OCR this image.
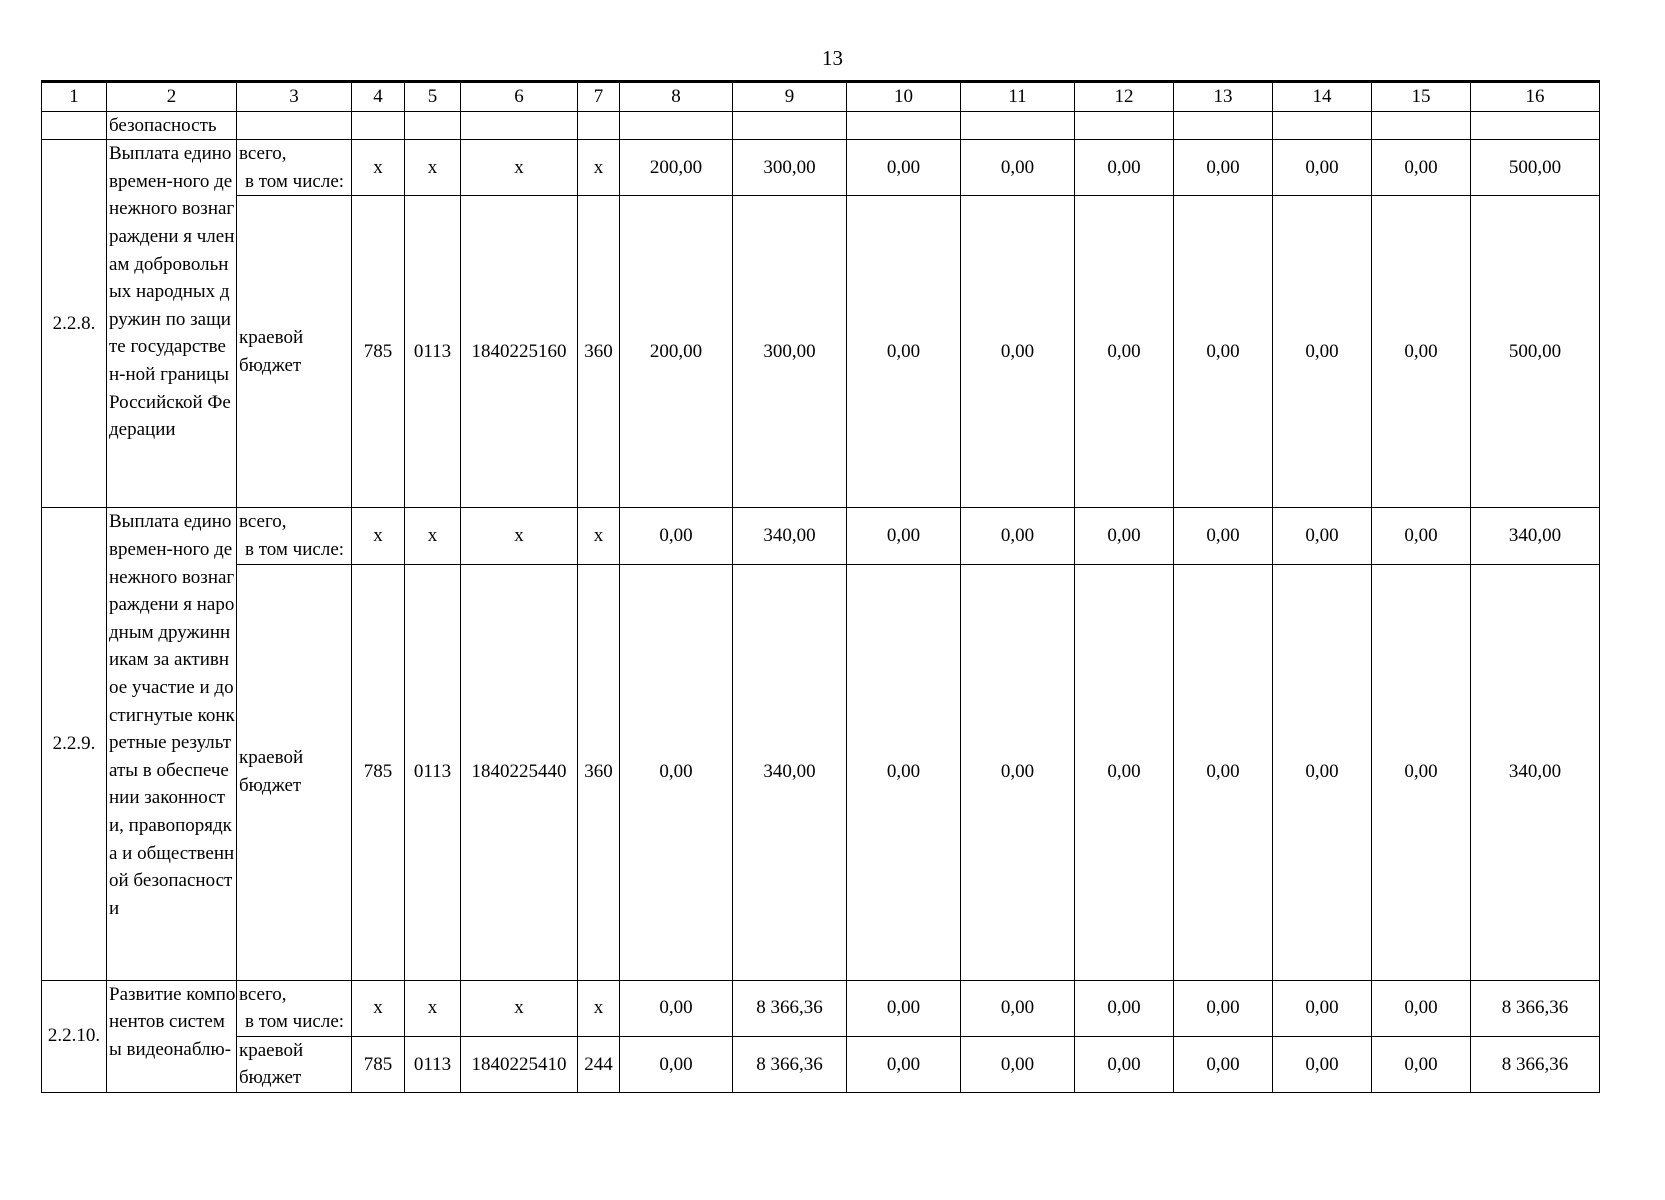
13
1	2	3	4	5	6	7	8	9	10	11	12	13	14	15	16
	безопасность														
2.2.8.	Выплата единовремен-ного денежного вознаграждени я членам добровольных народных дружин по защите государствен-ной границы Российской Федерации	всего,
в том числе:	x	x	x	x	200,00	300,00	0,00	0,00	0,00	0,00	0,00	0,00	500,00

		краевой
бюджет	785	0113	1840225160	360	200,00	300,00	0,00	0,00	0,00	0,00	0,00	0,00	500,00
2.2.9.	Выплата единовремен-ного денежного вознаграждени я народным дружинникам за активное участие и достигнутые конкретные результаты в обеспечении законности, правопорядка и общественной безопасности	всего,
в том числе:	x	x	x	x	0,00	340,00	0,00	0,00	0,00	0,00	0,00	0,00	340,00

		краевой
бюджет	785	0113	1840225440	360	0,00	340,00	0,00	0,00	0,00	0,00	0,00	0,00	340,00
2.2.10.	Развитие компонентов системы видеонаблю-	всего,
в том числе:	x	x	x	x	0,00	8 366,36	0,00	0,00	0,00	0,00	0,00	0,00	8 366,36

		краевой
бюджет	785	0113	1840225410	244	0,00	8 366,36	0,00	0,00	0,00	0,00	0,00	0,00	8 366,36
